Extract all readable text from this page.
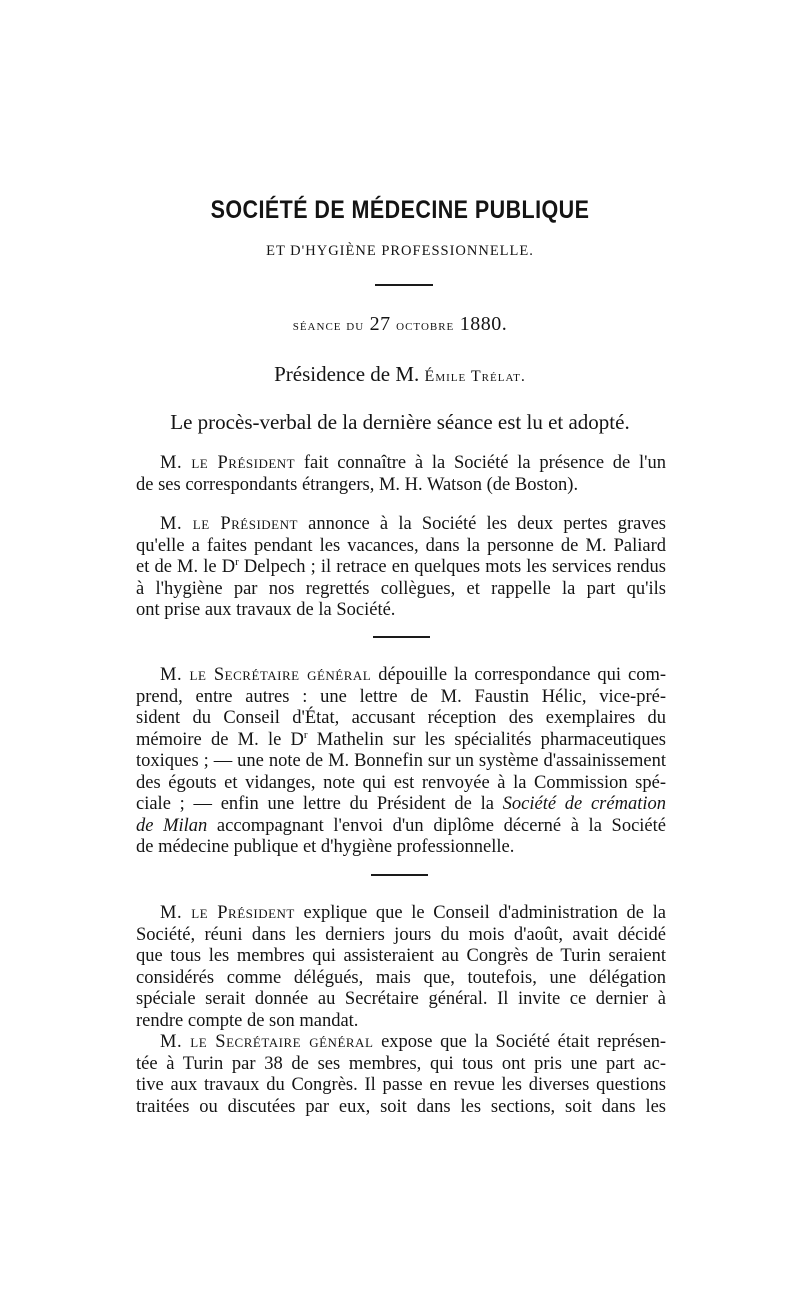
SOCIÉTÉ DE MÉDECINE PUBLIQUE
ET D'HYGIÈNE PROFESSIONNELLE.
séance du 27 octobre 1880.
Présidence de M. Émile Trélat.
Le procès-verbal de la dernière séance est lu et adopté.
M. le Président fait connaître à la Société la présence de l'un
de ses correspondants étrangers, M. H. Watson (de Boston).
M. le Président annonce à la Société les deux pertes graves
qu'elle a faites pendant les vacances, dans la personne de M. Paliard
et de M. le $D^r$ Delpech ; il retrace en quelques mots les services rendus
à l'hygiène par nos regrettés collègues, et rappelle la part qu'ils
ont prise aux travaux de la Société.
M. le Secrétaire général dépouille la correspondance qui com-
prend, entre autres : une lettre de M. Faustin Hélic, vice-pré-
sident du Conseil d'État, accusant réception des exemplaires du
mémoire de M. le $D^r$ Mathelin sur les spécialités pharmaceutiques
toxiques ; — une note de M. Bonnefin sur un système d'assainissement
des égouts et vidanges, note qui est renvoyée à la Commission spé-
ciale ; — enfin une lettre du Président de la Société de crémation
de Milan accompagnant l'envoi d'un diplôme décerné à la Société
de médecine publique et d'hygiène professionnelle.
M. le Président explique que le Conseil d'administration de la
Société, réuni dans les derniers jours du mois d'août, avait décidé
que tous les membres qui assisteraient au Congrès de Turin seraient
considérés comme délégués, mais que, toutefois, une délégation
spéciale serait donnée au Secrétaire général. Il invite ce dernier à
rendre compte de son mandat.
M. le Secrétaire général expose que la Société était représen-
tée à Turin par 38 de ses membres, qui tous ont pris une part ac-
tive aux travaux du Congrès. Il passe en revue les diverses questions
traitées ou discutées par eux, soit dans les sections, soit dans les
